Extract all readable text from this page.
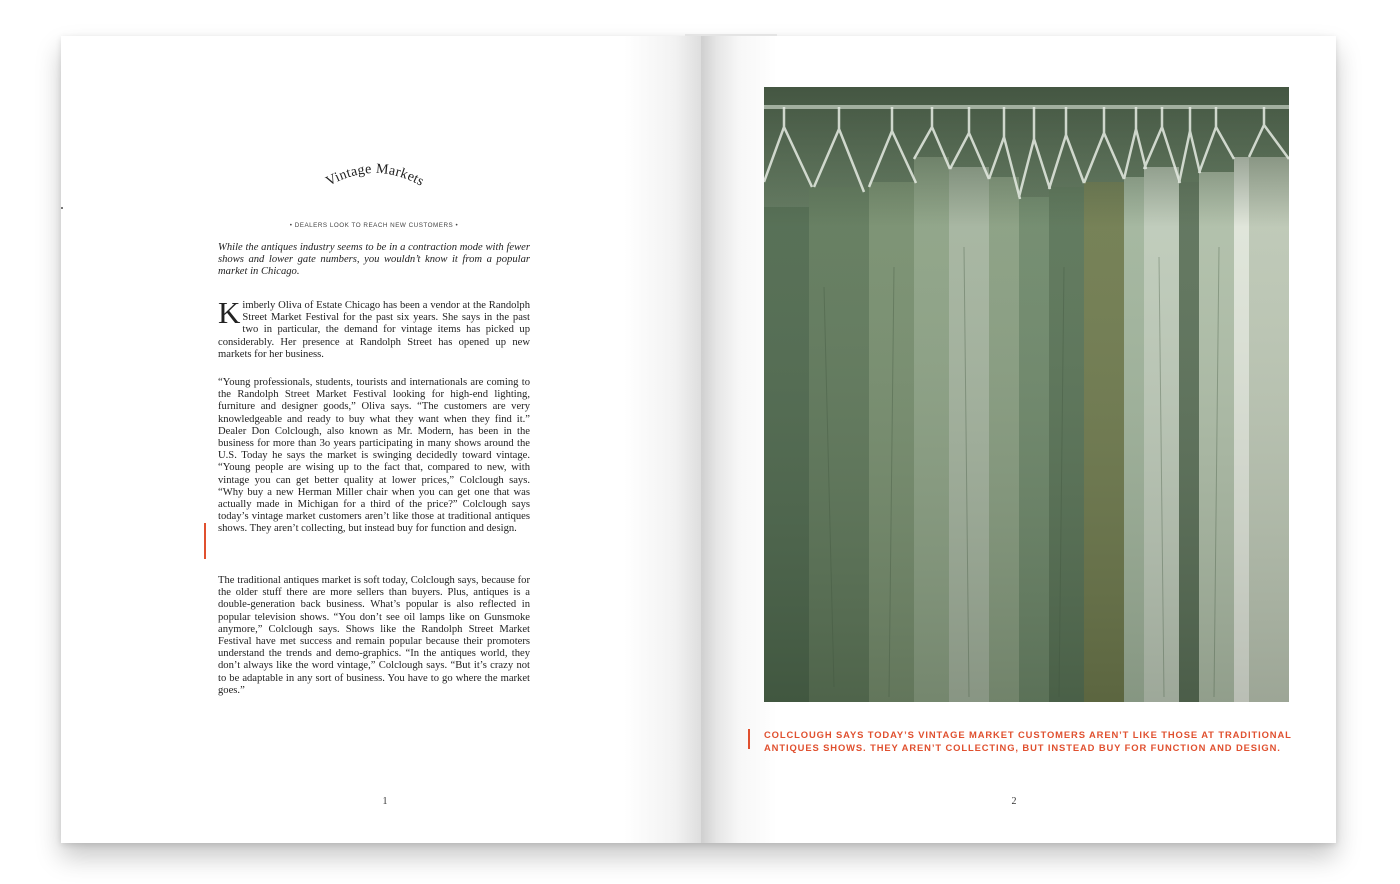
Vintage Markets
• DEALERS LOOK TO REACH NEW CUSTOMERS •
While the antiques industry seems to be in a contraction mode with fewer shows and lower gate numbers, you wouldn’t know it from a popular market in Chicago.
Kimberly Oliva of Estate Chicago has been a vendor at the Randolph Street Market Festival for the past six years. She says in the past two in particular, the demand for vintage items has picked up considerably. Her presence at Randolph Street has opened up new markets for her business.
“Young professionals, students, tourists and internationals are coming to the Randolph Street Market Festival looking for high-end lighting, furniture and designer goods,” Oliva says. “The customers are very knowledgeable and ready to buy what they want when they find it.” Dealer Don Colclough, also known as Mr. Modern, has been in the business for more than 3o years participating in many shows around the U.S. Today he says the market is swinging decidedly toward vintage. “Young people are wising up to the fact that, compared to new, with vintage you can get better quality at lower prices,” Colclough says. “Why buy a new Herman Miller chair when you can get one that was actually made in Michigan for a third of the price?” Colclough says today’s vintage market customers aren’t like those at traditional antiques shows. They aren’t collecting, but instead buy for function and design.
The traditional antiques market is soft today, Colclough says, because for the older stuff there are more sellers than buyers. Plus, antiques is a double-generation back business. What’s popular is also reflected in popular television shows. “You don’t see oil lamps like on Gunsmoke anymore,” Colclough says. Shows like the Randolph Street Market Festival have met success and remain popular because their promoters understand the trends and demo-graphics. “In the antiques world, they don’t always like the word vintage,” Colclough says. “But it’s crazy not to be adaptable in any sort of business. You have to go where the market goes.”
1
COLCLOUGH SAYS TODAY’S VINTAGE MARKET CUSTOMERS AREN’T LIKE THOSE AT TRADITIONAL ANTIQUES SHOWS. THEY AREN’T COLLECTING, BUT INSTEAD BUY FOR FUNCTION AND DESIGN.
2
